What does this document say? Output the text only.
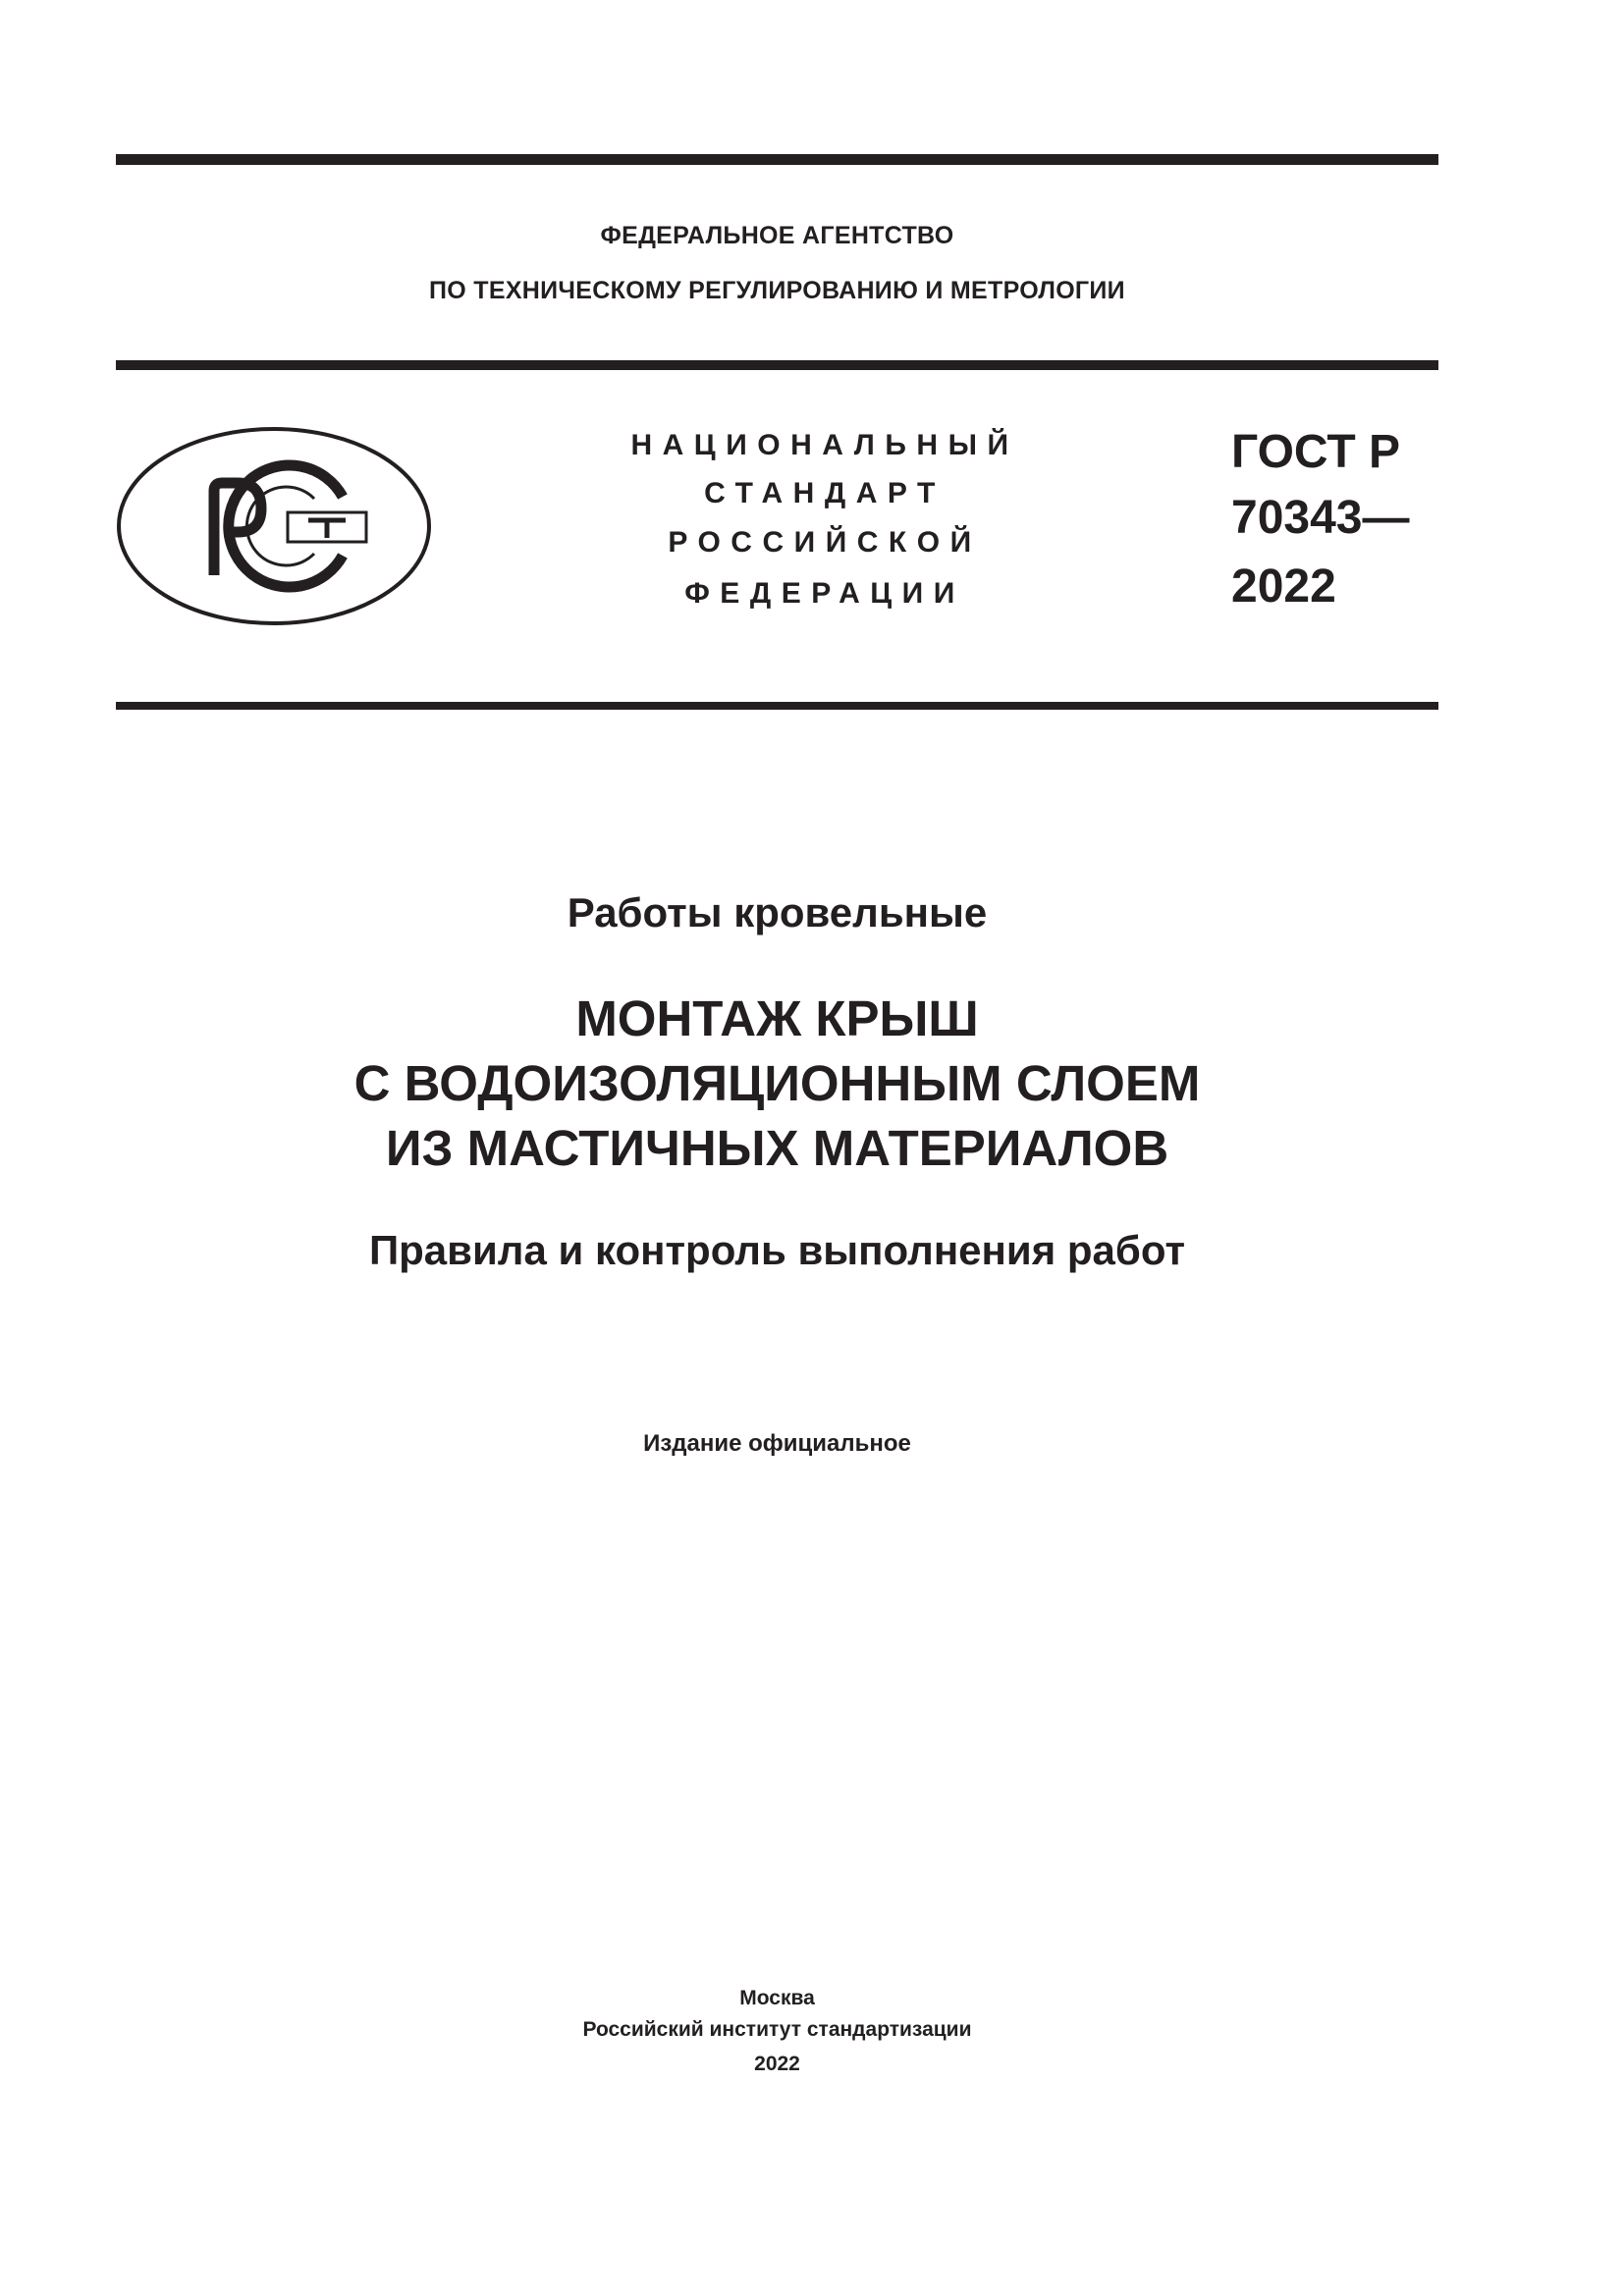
ФЕДЕРАЛЬНОЕ АГЕНТСТВО
ПО ТЕХНИЧЕСКОМУ РЕГУЛИРОВАНИЮ И МЕТРОЛОГИИ
НАЦИОНАЛЬНЫЙ
СТАНДАРТ
РОССИЙСКОЙ
ФЕДЕРАЦИИ
ГОСТ Р
70343—
2022
Работы кровельные
МОНТАЖ КРЫШ
С ВОДОИЗОЛЯЦИОННЫМ СЛОЕМ
ИЗ МАСТИЧНЫХ МАТЕРИАЛОВ
Правила и контроль выполнения работ
Издание официальное
Москва
Российский институт стандартизации
2022
